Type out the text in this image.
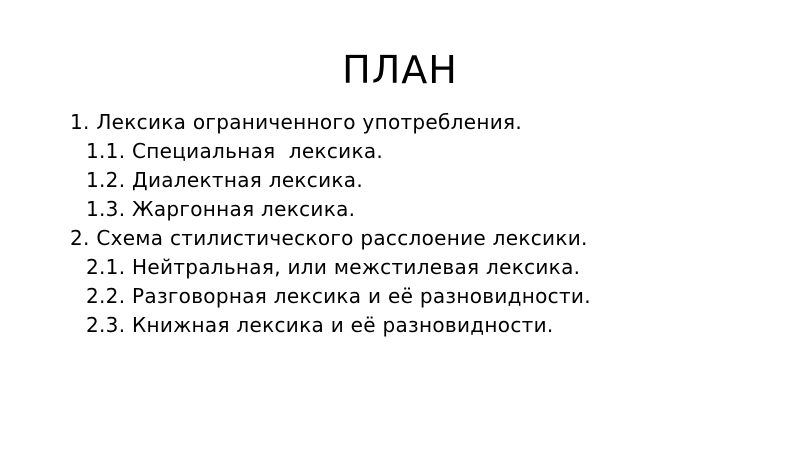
ПЛАН
1. Лексика ограниченного употребления.
1.1. Специальная  лексика.
1.2. Диалектная лексика.
1.3. Жаргонная лексика.
2. Схема стилистического расслоение лексики.
2.1. Нейтральная, или межстилевая лексика.
2.2. Разговорная лексика и её разновидности.
2.3. Книжная лексика и её разновидности.
